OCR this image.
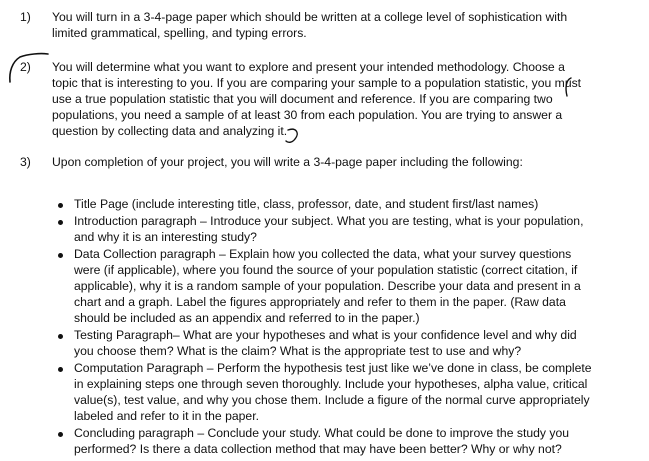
1)	You will turn in a 3-4-page paper which should be written at a college level of sophistication with
limited grammatical, spelling, and typing errors.
2)	You will determine what you want to explore and present your intended methodology. Choose a
topic that is interesting to you. If you are comparing your sample to a population statistic, you must
use a true population statistic that you will document and reference. If you are comparing two
populations, you need a sample of at least 30 from each population. You are trying to answer a
question by collecting data and analyzing it.
3)	Upon completion of your project, you will write a 3-4-page paper including the following:
Title Page (include interesting title, class, professor, date, and student first/last names)
Introduction paragraph – Introduce your subject. What you are testing, what is your population,
and why it is an interesting study?
Data Collection paragraph – Explain how you collected the data, what your survey questions
were (if applicable), where you found the source of your population statistic (correct citation, if
applicable), why it is a random sample of your population. Describe your data and present in a
chart and a graph. Label the figures appropriately and refer to them in the paper. (Raw data
should be included as an appendix and referred to in the paper.)
Testing Paragraph– What are your hypotheses and what is your confidence level and why did
you choose them? What is the claim? What is the appropriate test to use and why?
Computation Paragraph – Perform the hypothesis test just like we’ve done in class, be complete
in explaining steps one through seven thoroughly. Include your hypotheses, alpha value, critical
value(s), test value, and why you chose them. Include a figure of the normal curve appropriately
labeled and refer to it in the paper.
Concluding paragraph – Conclude your study. What could be done to improve the study you
performed? Is there a data collection method that may have been better? Why or why not?
